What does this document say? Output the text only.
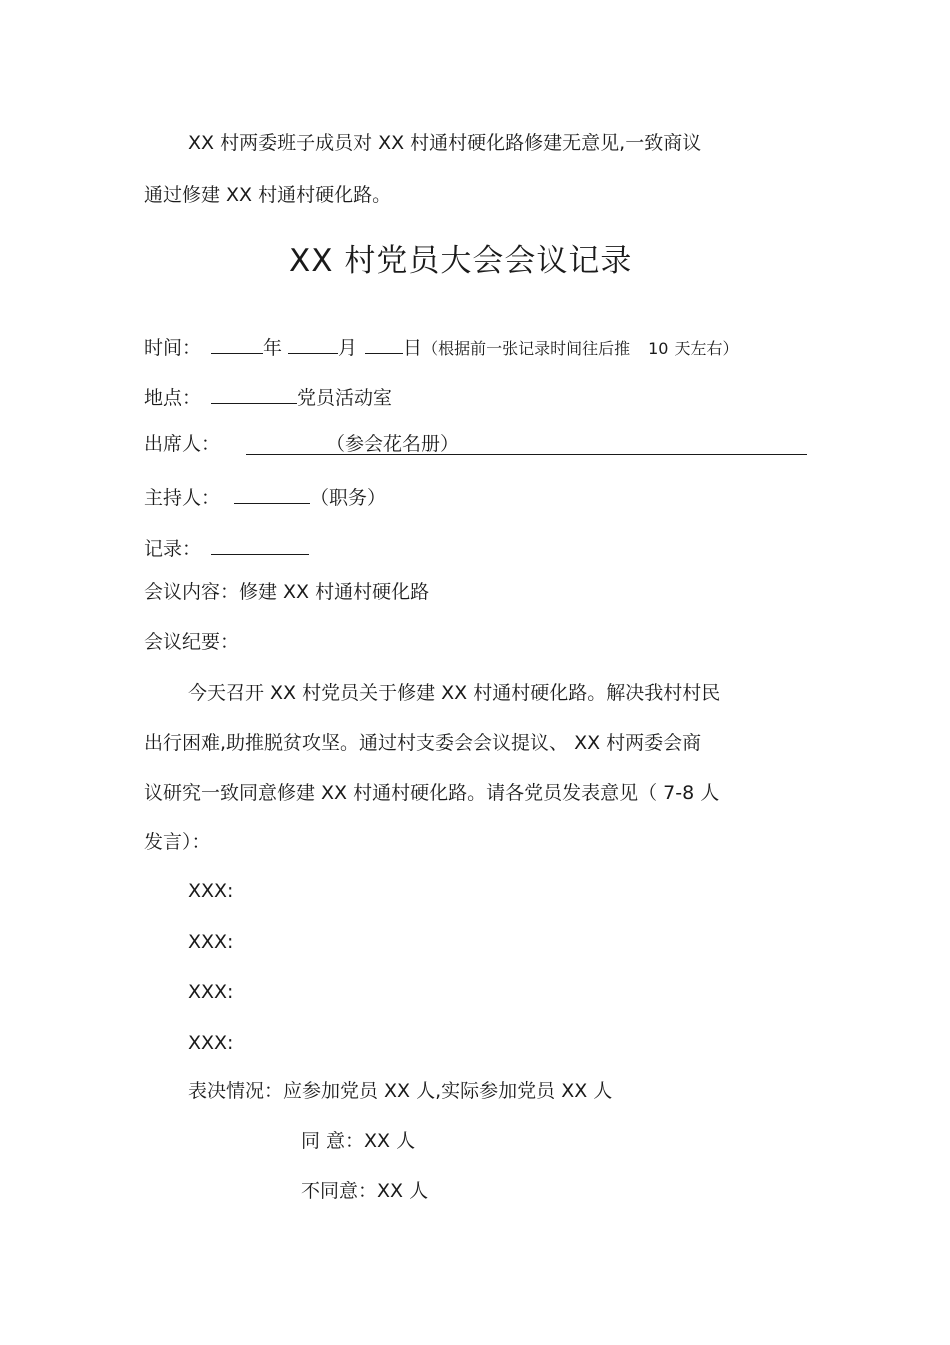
XX 村两委班子成员对 XX 村通村硬化路修建无意见,一致商议
通过修建 XX 村通村硬化路。
XX 村党员大会会议记录
时间：	年	月 日（根据前一张记录时间往后推 10 天左右）
地点：	党员活动室
出席人：	（参会花名册）
主持人：	（职务）
记录：
会议内容：修建 XX 村通村硬化路
会议纪要：
今天召开 XX 村党员关于修建 XX 村通村硬化路。解决我村村民
出行困难,助推脱贫攻坚。通过村支委会会议提议、 XX 村两委会商
议研究一致同意修建 XX 村通村硬化路。请各党员发表意见（ 7-8 人
发言）：
XXX:
XXX:
XXX:
XXX:
表决情况：应参加党员 XX 人,实际参加党员 XX 人
同 意：XX 人
不同意：XX 人
